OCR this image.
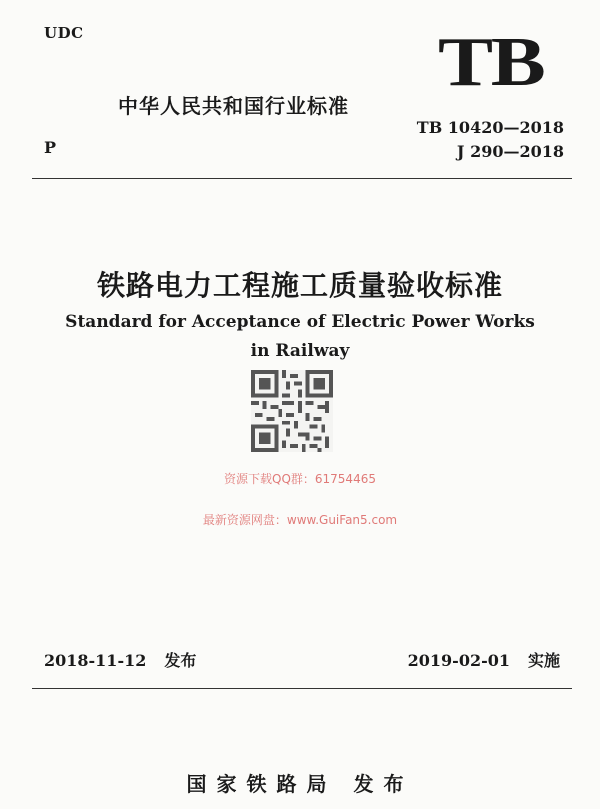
UDC	TB
中华人民共和国行业标准
P
TB 10420—2018
J 290—2018
铁路电力工程施工质量验收标准
Standard for Acceptance of Electric Power Works
in Railway
资源下载QQ群：61754465
最新资源网盘：www.GuiFan5.com
2018-11-12 发布	2019-02-01 实施
国家铁路局 发布
